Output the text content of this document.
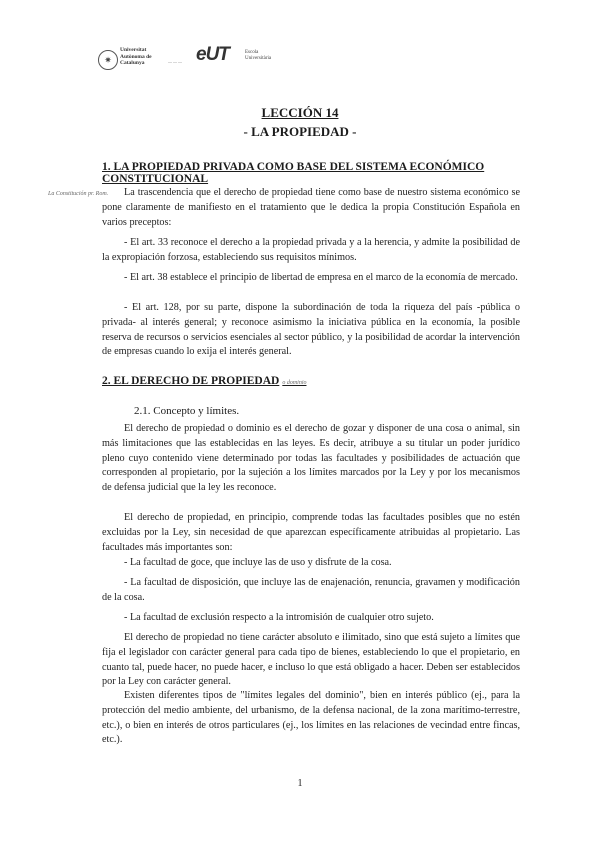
✷
Universitat Autònoma de Catalunya	— — — eUT	Escola Universitària
LECCIÓN 14
- LA PROPIEDAD -
1. LA PROPIEDAD PRIVADA COMO BASE DEL SISTEMA ECONÓMICO CONSTITUCIONAL
La Constitución pr. Rom.	La trascendencia que el derecho de propiedad tiene como base de nuestro sistema económico se pone claramente de manifiesto en el tratamiento que le dedica la propia Constitución Española en varios preceptos:
- El art. 33 reconoce el derecho a la propiedad privada y a la herencia, y admite la posibilidad de la expropiación forzosa, estableciendo sus requisitos mínimos.
- El art. 38 establece el principio de libertad de empresa en el marco de la economía de mercado.
- El art. 128, por su parte, dispone la subordinación de toda la riqueza del país -pública o privada- al interés general; y reconoce asimismo la iniciativa pública en la economía, la posible reserva de recursos o servicios esenciales al sector público, y la posibilidad de acordar la intervención de empresas cuando lo exija el interés general.
2. EL DERECHO DE PROPIEDAD o dominio
2.1. Concepto y límites.
El derecho de propiedad o dominio es el derecho de gozar y disponer de una cosa o animal, sin más limitaciones que las establecidas en las leyes. Es decir, atribuye a su titular un poder jurídico pleno cuyo contenido viene determinado por todas las facultades y posibilidades de actuación que corresponden al propietario, por la sujeción a los límites marcados por la Ley y por los mecanismos de defensa judicial que la ley les reconoce.
El derecho de propiedad, en principio, comprende todas las facultades posibles que no estén excluidas por la Ley, sin necesidad de que aparezcan específicamente atribuidas al propietario. Las facultades más importantes son:
- La facultad de goce, que incluye las de uso y disfrute de la cosa.
- La facultad de disposición, que incluye las de enajenación, renuncia, gravamen y modificación de la cosa.
- La facultad de exclusión respecto a la intromisión de cualquier otro sujeto.
El derecho de propiedad no tiene carácter absoluto e ilimitado, sino que está sujeto a límites que fija el legislador con carácter general para cada tipo de bienes, estableciendo lo que el propietario, en cuanto tal, puede hacer, no puede hacer, e incluso lo que está obligado a hacer. Deben ser establecidos por la Ley con carácter general.
Existen diferentes tipos de "límites legales del dominio", bien en interés público (ej., para la protección del medio ambiente, del urbanismo, de la defensa nacional, de la zona marítimo-terrestre, etc.), o bien en interés de otros particulares (ej., los límites en las relaciones de vecindad entre fincas, etc.).
1
